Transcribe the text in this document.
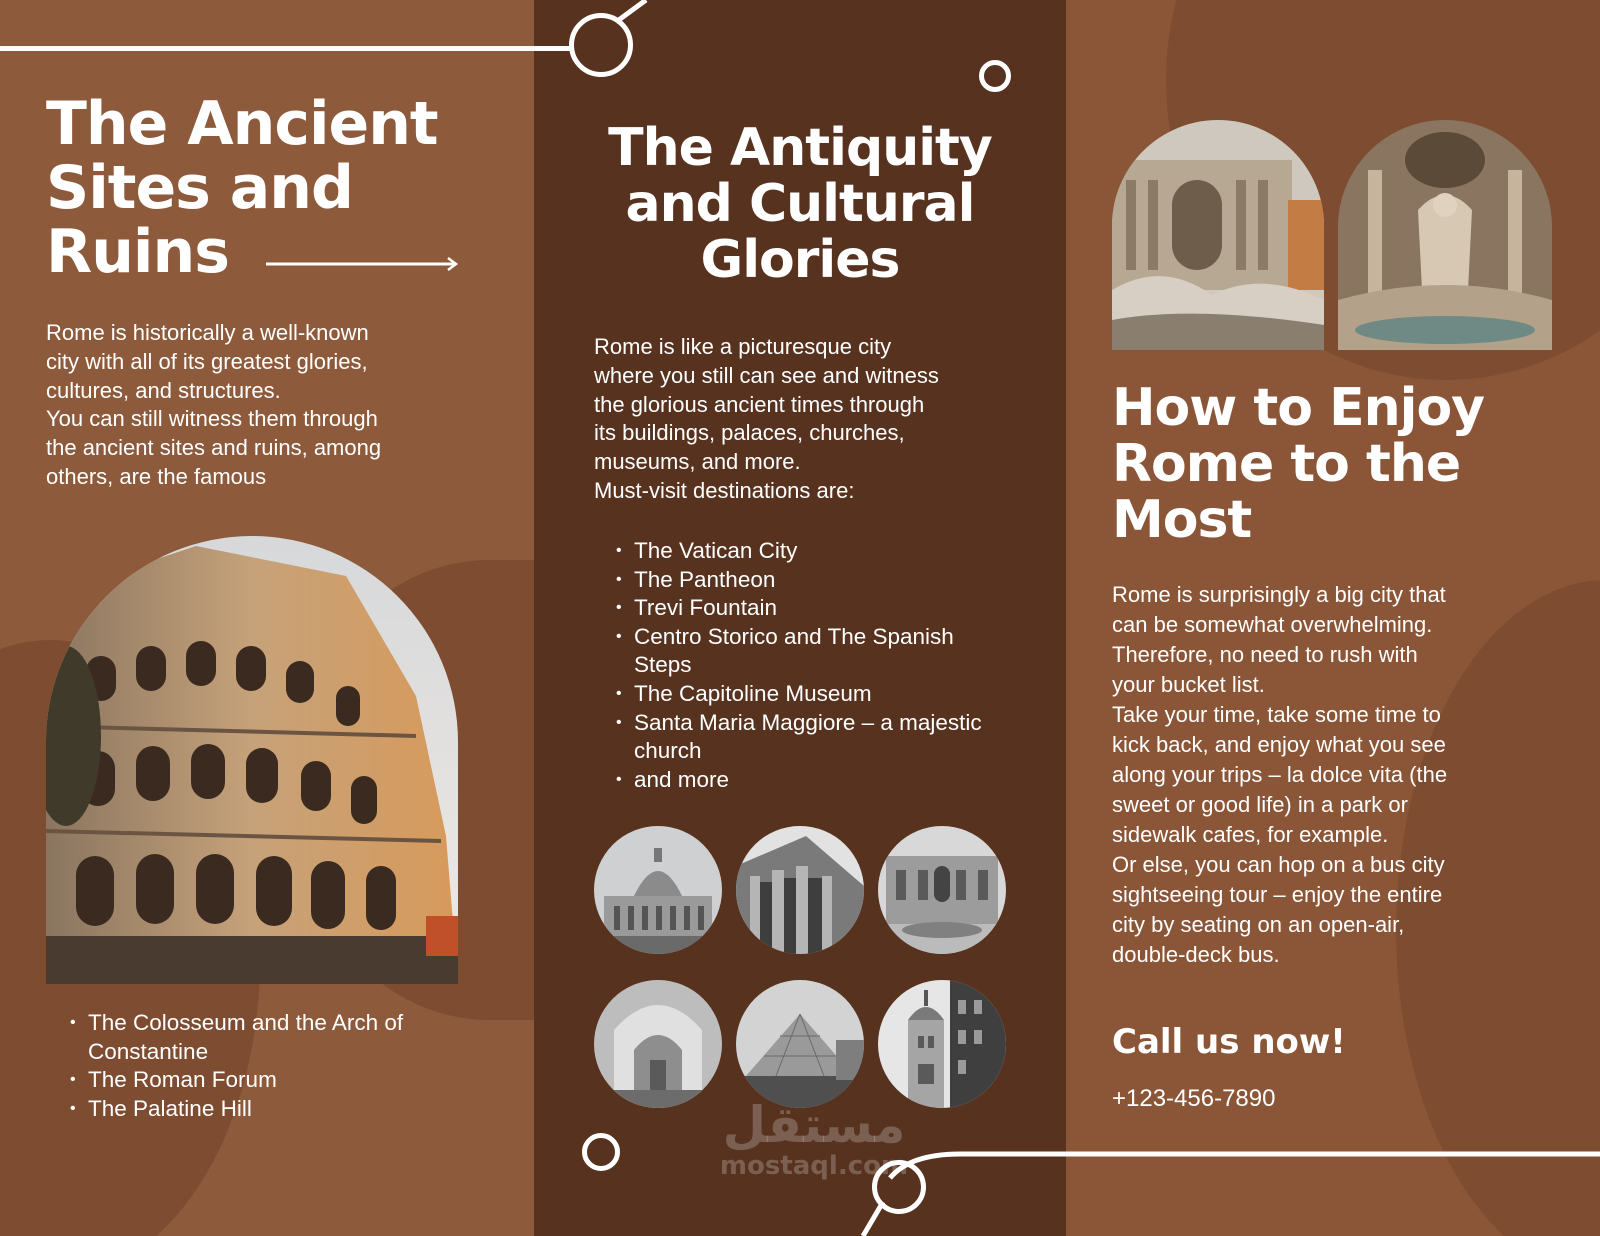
The Ancient
Sites and
Ruins

Rome is historically a well-known
city with all of its greatest glories,
cultures, and structures.
You can still witness them through
the ancient sites and ruins, among
others, are the famous

• The Colosseum and the Arch of Constantine
• The Roman Forum
• The Palatine Hill
The Antiquity
and Cultural
Glories

Rome is like a picturesque city
where you still can see and witness
the glorious ancient times through
its buildings, palaces, churches,
museums, and more.
Must-visit destinations are:

• The Vatican City
• The Pantheon
• Trevi Fountain
• Centro Storico and The Spanish Steps
• The Capitoline Museum
• Santa Maria Maggiore – a majestic church
• and more
مستقل
mostaql.com
How to Enjoy
Rome to the
Most

Rome is surprisingly a big city that
can be somewhat overwhelming.
Therefore, no need to rush with
your bucket list.
Take your time, take some time to
kick back, and enjoy what you see
along your trips – la dolce vita (the
sweet or good life) in a park or
sidewalk cafes, for example.
Or else, you can hop on a bus city
sightseeing tour – enjoy the entire
city by seating on an open-air,
double-deck bus.

Call us now!
+123-456-7890
